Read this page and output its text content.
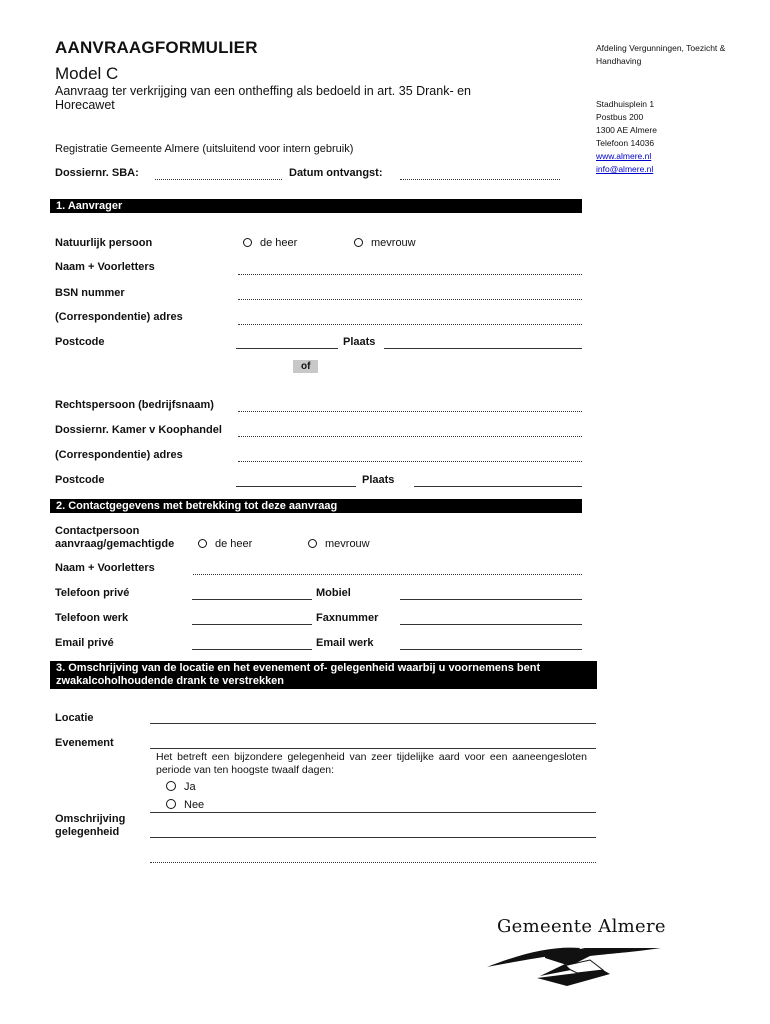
AANVRAAGFORMULIER
Model C
Aanvraag ter verkrijging van een ontheffing als bedoeld in art. 35 Drank- en Horecawet
Afdeling Vergunningen, Toezicht & Handhaving
Stadhuisplein 1
Postbus 200
1300 AE Almere
Telefoon 14036
www.almere.nl
info@almere.nl
Registratie Gemeente Almere (uitsluitend voor intern gebruik)
Dossiernr. SBA:	Datum ontvangst:
1. Aanvrager
Natuurlijk persoon	de heer	mevrouw
Naam + Voorletters
BSN nummer
(Correspondentie) adres
Postcode	Plaats
of
Rechtspersoon (bedrijfsnaam)
Dossiernr. Kamer v Koophandel
(Correspondentie) adres
Postcode	Plaats
2. Contactgegevens met betrekking tot deze aanvraag
Contactpersoon
aanvraag/gemachtigde	de heer	mevrouw
Naam + Voorletters
Telefoon privé	Mobiel
Telefoon werk	Faxnummer
Email privé	Email werk
3. Omschrijving van de locatie en het evenement of- gelegenheid waarbij u voornemens bent
zwakalcoholhoudende drank te verstrekken
Locatie
Evenement
Het betreft een bijzondere gelegenheid van zeer tijdelijke aard voor een aaneengesloten periode van ten hoogste twaalf dagen:
Ja
Nee
Omschrijving
gelegenheid
Gemeente Almere
